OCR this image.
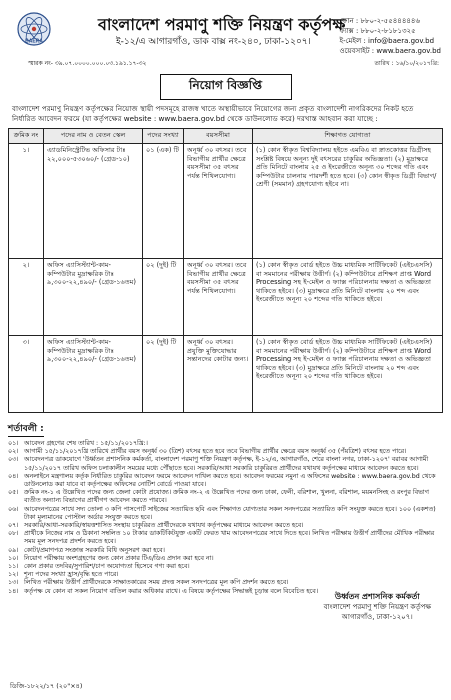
BAERA
বাংলাদেশ পরমাণু শক্তি নিয়ন্ত্রণ কর্তৃপক্ষ
ই-১২/এ আগারগাঁও, ডাক বাক্স নং-২৪০, ঢাকা-১২০৭।
ফোন : ৮৮০-২-৫৫৪৪৪৪৪৬
ফ্যাক্স : ৮৮০-২-৮১৮১৩২৫
ই-মেইল : info@baera.gov.bd
ওয়েবসাইট : www.baera.gov.bd
স্মারক নং- ৩৯.০৭.০০০০.০০০.০৩.১৯১.১৭-৩২	তারিখ : ১৬/১০/২০১৭খ্রি:
নিয়োগ বিজ্ঞপ্তি
বাংলাদেশ পরমাণু নিয়ন্ত্রণ কর্তৃপক্ষের নিয়োজ স্থায়ী পদসমূহে রাজস্ব খাতে অস্থায়ীভাবে নিয়োগের জন্য প্রকৃত বাংলাদেশী নাগরিকদের নিকট হতে নির্ধারিত আবেদন ফরমে (যা কর্তৃপক্ষের website : www.baera.gov.bd থেকে ডাউনলোড করে) দরখাস্ত আহবান করা যাচ্ছে :
ক্রমিক নং	পদের নাম ও বেতন স্কেল	পদের সংখ্যা	বয়সসীমা	শিক্ষাগত যোগ্যতা
১।	এ্যাডমিনিস্ট্রেটিভ অফিসার টাঃ ২২,০০০-৫৩০৬০/- (গ্রেড-১০)	০১ (এক) টি	অনূর্ধ্ব ৩০ বৎসর। তবে বিভাগীয় প্রার্থীর ক্ষেত্রে বয়সসীমা ৩৫ বৎসর পর্যন্ত শিথিলযোগ্য।	(১) কোন স্বীকৃত বিশ্ববিদ্যালয় হইতে এমবিএ বা স্নাতকোত্তর ডিগ্রীসহ সংশ্লিষ্ট বিষয়ে অনূন্য দুই বৎসরের চাকুরির অভিজ্ঞতা। (২) মুদ্রাক্ষরে প্রতি মিনিটে বাংলায় ২৫ ও ইংরেজীতে অনূন্য ৩০ শব্দের গতি এবং কম্পিউটার চালনায় পারদর্শী হতে হবে। (৩) কোন স্বীকৃত ডিগ্রী বিভাগ/শ্রেণী (সমমান) গ্রহণযোগ্য হইবে না।
২।	অফিস এ্যাসিস্ট্যান্ট-কাম-কম্পিউটার মুদ্রাক্ষরিক টাঃ ৯,৩০০-২২,৪৯০/- (গ্রেড-১৬তম)	০২ (দুই) টি	অনূর্ধ্ব ৩০ বৎসর। তবে বিভাগীয় প্রার্থীর ক্ষেত্রে বয়সসীমা ৩৫ বৎসর পর্যন্ত শিথিলযোগ্য।	(১) কোন স্বীকৃত বোর্ড হইতে উচ্চ মাধ্যমিক সার্টিফিকেট (এইচএসসি) বা সমমানের পরীক্ষায় উত্তীর্ণ। (২) কম্পিউটারে প্রশিক্ষণ প্রাপ্ত Word Processing সহ ই-মেইল ও ফ্যাক্স পরিচালনায় দক্ষতা ও অভিজ্ঞতা থাকিতে হইবে। (৩) মুদ্রাক্ষরে প্রতি মিনিটে বাংলায় ২০ শব্দ এবং ইংরেজীতে অনূন্য ২০ শব্দের গতি থাকিতে হইবে।
৩।	অফিস এ্যাসিস্ট্যান্ট-কাম-কম্পিউটার মুদ্রাক্ষরিক টাঃ ৯,৩০০-২২,৪৯০/- (গ্রেড-১৬তম)	০২ (দুই) টি	অনূর্ধ্ব ৩০ বৎসর। প্রযুক্তি মুক্তিযোদ্ধার সন্তানদের কোটার জন্য।	(১) কোন স্বীকৃত বোর্ড হইতে উচ্চ মাধ্যমিক সার্টিফিকেট (এইচএসসি) বা সমমানের পরীক্ষায় উত্তীর্ণ। (২) কম্পিউটারে প্রশিক্ষণ প্রাপ্ত Word Processing সহ ই-মেইল ও ফ্যাক্স পরিচালনায় দক্ষতা ও অভিজ্ঞতা থাকিতে হইবে। (৩) মুদ্রাক্ষরে প্রতি মিনিটে বাংলায় ২০ শব্দ এবং ইংরেজীতে অনূন্য ২০ শব্দের গতি থাকিতে হইবে।
শর্তাবলী :
০১। আবেদন গ্রহণের শেষ তারিখ : ১৫/১১/২০১৭খ্রি:।
০২। আগামী ১৫/১১/২০১৭খ্রি তারিখে প্রার্থীর বয়স অনূর্ধ্ব ৩০ (ত্রিশ) বৎসর হতে হবে তবে বিভাগীয় প্রার্থীর ক্ষেত্রে বয়স অনূর্ধ্ব ৩৫ (পঁয়ত্রিশ) বৎসর হতে পারে।
০৩। আবেদনপত্র ডাকযোগে 'উর্ধ্বতন প্রশাসনিক কর্মকর্তা, বাংলাদেশ পরমাণু শক্তি নিয়ন্ত্রণ কর্তৃপক্ষ, ই-১২/এ, আগারগাঁও, শেরে বাংলা নগর, ঢাকা-১২০৭' বরাবর আগামী ১৫/১১/২০১৭ তারিখ অফিস চলাকালীন সময়ের মধ্যে পৌঁছাতে হবে। সরকারি/আধা সরকারি চাকুরিরত প্রার্থীদের যথাযথ কর্তৃপক্ষের মাধ্যমে আবেদন করতে হবে।
০৪। অনলাইনে মন্ত্রণালয় কর্তৃক নির্ধারিত চাকুরির আবেদন ফরমে আবেদন দাখিল করতে হবে। আবেদন ফরমের নমুনা এ অফিসের website : www.baera.gov.bd থেকে ডাউনলোড করা যাবে বা কর্তৃপক্ষের অফিসের নোটিশ বোর্ডে পাওয়া যাবে।
০৫। ক্রমিক নং-১ এ উল্লেখিত পদের জন্য জেলা কোটা প্রযোজ্য। ক্রমিক নং-২ এ উল্লেখিত পদের জন্য ঢাকা, ফেনী, বরিশাল, খুলনা, বরিশাল, ময়মনসিংহ ও রংপুর বিভাগ ব্যতীত অন্যান্য বিভাগের প্রার্থীগণ আবেদন করতে পারবে।
০৬। আবেদনপত্রের সাথে সদ্য তোলা ৩ কপি পাসপোর্ট সাইজের সত্যায়িত ছবি এবং শিক্ষাগত যোগ্যতার সকল সনদপত্রের সত্যায়িত কপি সংযুক্ত করতে হবে। ১০০ (একশত) টাকা মূল্যমানের পোস্টাল অর্ডার সংযুক্ত করতে হবে।
০৭। সরকারি/আধা-সরকারি/স্বায়ত্তশাসিত সংস্থায় চাকুরিরত প্রার্থীদেরকে যথাযথ কর্তৃপক্ষের মাধ্যমে আবেদন করতে হবে।
০৮। প্রার্থীকে নিজের নাম ও ঠিকানা সম্বলিত ১০ টাকার ডাকটিকিটযুক্ত একটি ফেরত খাম আবেদনপত্রের সাথে দিতে হবে। লিখিত পরীক্ষায় উত্তীর্ণ প্রার্থীদের মৌখিক পরীক্ষার সময় মূল সনদপত্র প্রদর্শন করতে হবে।
০৯। কোটা/প্রমাণপত্র সংক্রান্ত সরকারি বিধি অনুসরণ করা হবে।
১০। নিয়োগ পরীক্ষায় অংশগ্রহণের জন্য কোন প্রকার টিএ/ডিএ প্রদান করা হবে না।
১১। কোন প্রকার তদবির/সুপারিশ/চাপ অযোগ্যতা হিসেবে গণ্য করা হবে।
১২। শূন্য পদের সংখ্যা হ্রাস/বৃদ্ধি হতে পারে।
১৩। লিখিত পরীক্ষায় উত্তীর্ণ প্রার্থীদেরকে সাক্ষাতকারের সময় প্রদত্ত সকল সনদপত্রের মূল কপি প্রদর্শন করতে হবে।
১৪। কর্তৃপক্ষ যে কোন বা সকল নিয়োগ বাতিল করার অধিকার রাখে। এ বিষয়ে কর্তৃপক্ষের সিদ্ধান্তই চূড়ান্ত বলে বিবেচিত হবে।
উর্ধ্বতন প্রশাসনিক কর্মকর্তা
বাংলাদেশ পরমাণু শক্তি নিয়ন্ত্রণ কর্তৃপক্ষ
আগারগাঁও, ঢাকা-১২০৭।
ডিজি-১৮২২/১৭ (২০"×৪)
